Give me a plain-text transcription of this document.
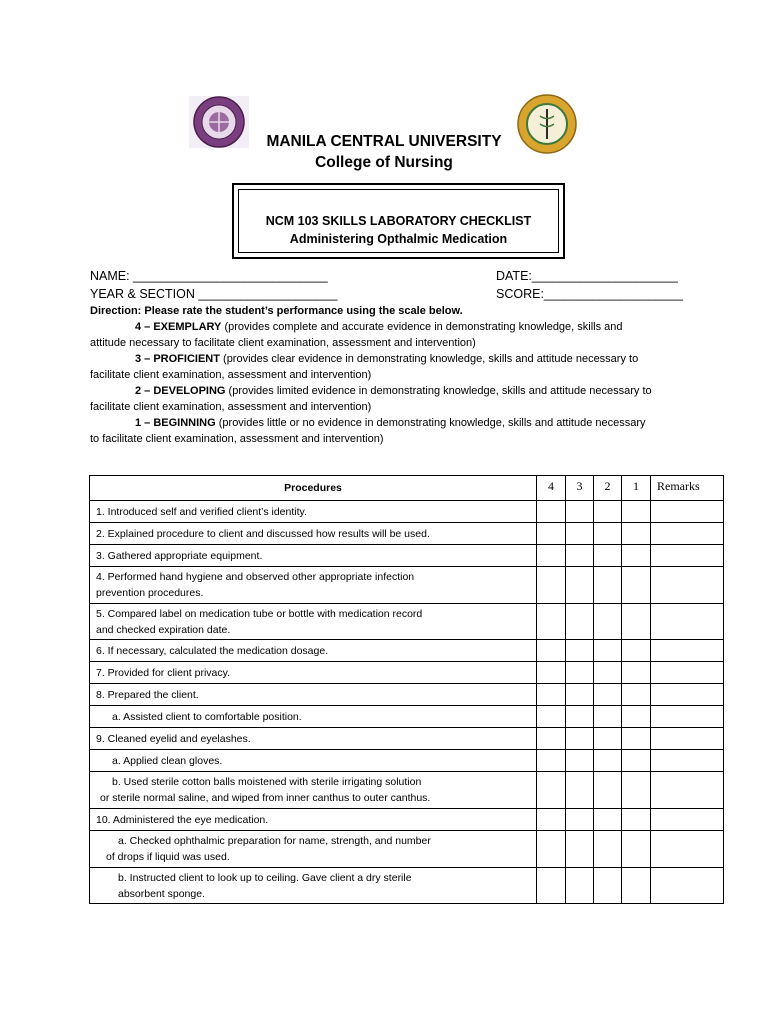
MANILA CENTRAL UNIVERSITY
College of Nursing
NCM 103 SKILLS LABORATORY CHECKLIST
Administering Opthalmic Medication
NAME: ____________________________
YEAR & SECTION ____________________
DATE:_____________________
SCORE:____________________

Direction: Please rate the student’s performance using the scale below.

4 – EXEMPLARY (provides complete and accurate evidence in demonstrating knowledge, skills and

attitude necessary to facilitate client examination, assessment and intervention)

3 – PROFICIENT (provides clear evidence in demonstrating knowledge, skills and attitude necessary to

facilitate client examination, assessment and intervention)

2 – DEVELOPING (provides limited evidence in demonstrating knowledge, skills and attitude necessary to

facilitate client examination, assessment and intervention)

1 – BEGINNING (provides little or no evidence in demonstrating knowledge, skills and attitude necessary

to facilitate client examination, assessment and intervention)

Procedures	4	3	2	1	Remarks

1. Introduced self and verified client’s identity.					

2. Explained procedure to client and discussed how results will be used.					

3. Gathered appropriate equipment.					

4. Performed hand hygiene and observed other appropriate infection
prevention procedures.					

5. Compared label on medication tube or bottle with medication record
and checked expiration date.					

6. If necessary, calculated the medication dosage.					

7. Provided for client privacy.					

8. Prepared the client.					

a. Assisted client to comfortable position.					

9. Cleaned eyelid and eyelashes.					

a. Applied clean gloves.					

b. Used sterile cotton balls moistened with sterile irrigating solution
or sterile normal saline, and wiped from inner canthus to outer canthus.					

10. Administered the eye medication.					

a. Checked ophthalmic preparation for name, strength, and number
of drops if liquid was used.					

b. Instructed client to look up to ceiling. Gave client a dry sterile
absorbent sponge.					
